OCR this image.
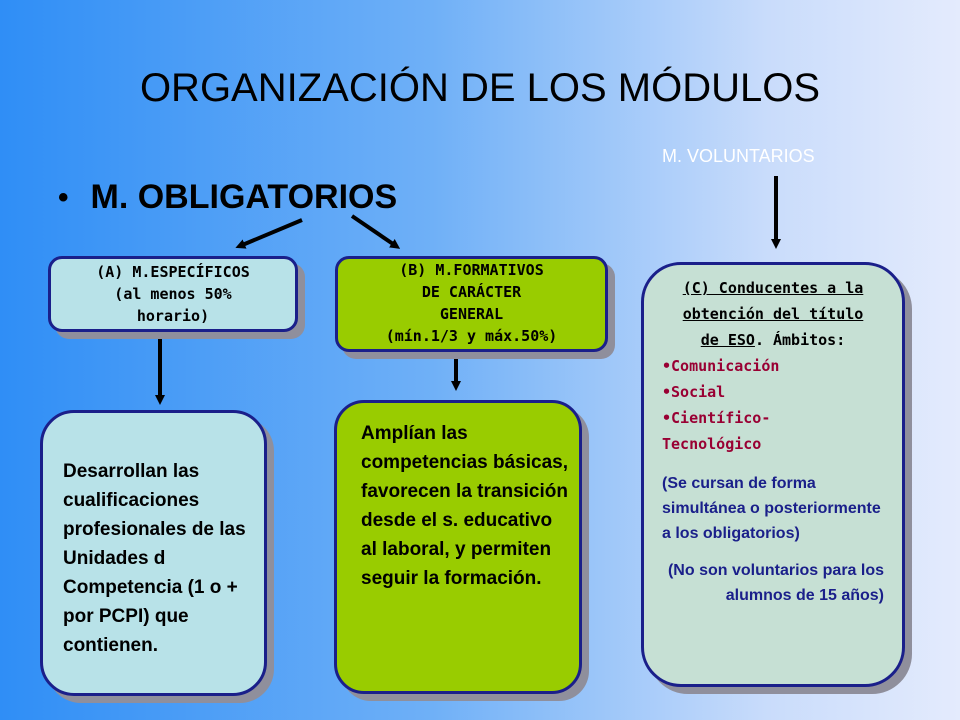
ORGANIZACIÓN DE LOS MÓDULOS
• M. OBLIGATORIOS
M. VOLUNTARIOS
(A) M.ESPECÍFICOS
(al menos 50%
horario)
(B) M.FORMATIVOS
DE CARÁCTER
GENERAL
(mín.1/3 y máx.50%)
(C) Conducentes a la
obtención del título
de ESO. Ámbitos:
•Comunicación
•Social
•Científico-
Tecnológico
(Se cursan de forma simultánea o posteriormente a los obligatorios)
(No son voluntarios para los alumnos de 15 años)
Desarrollan las cualificaciones profesionales de las Unidades d Competencia (1 o + por PCPI) que contienen.
Amplían las competencias básicas, favorecen la transición desde el s. educativo al laboral, y permiten seguir la formación.
